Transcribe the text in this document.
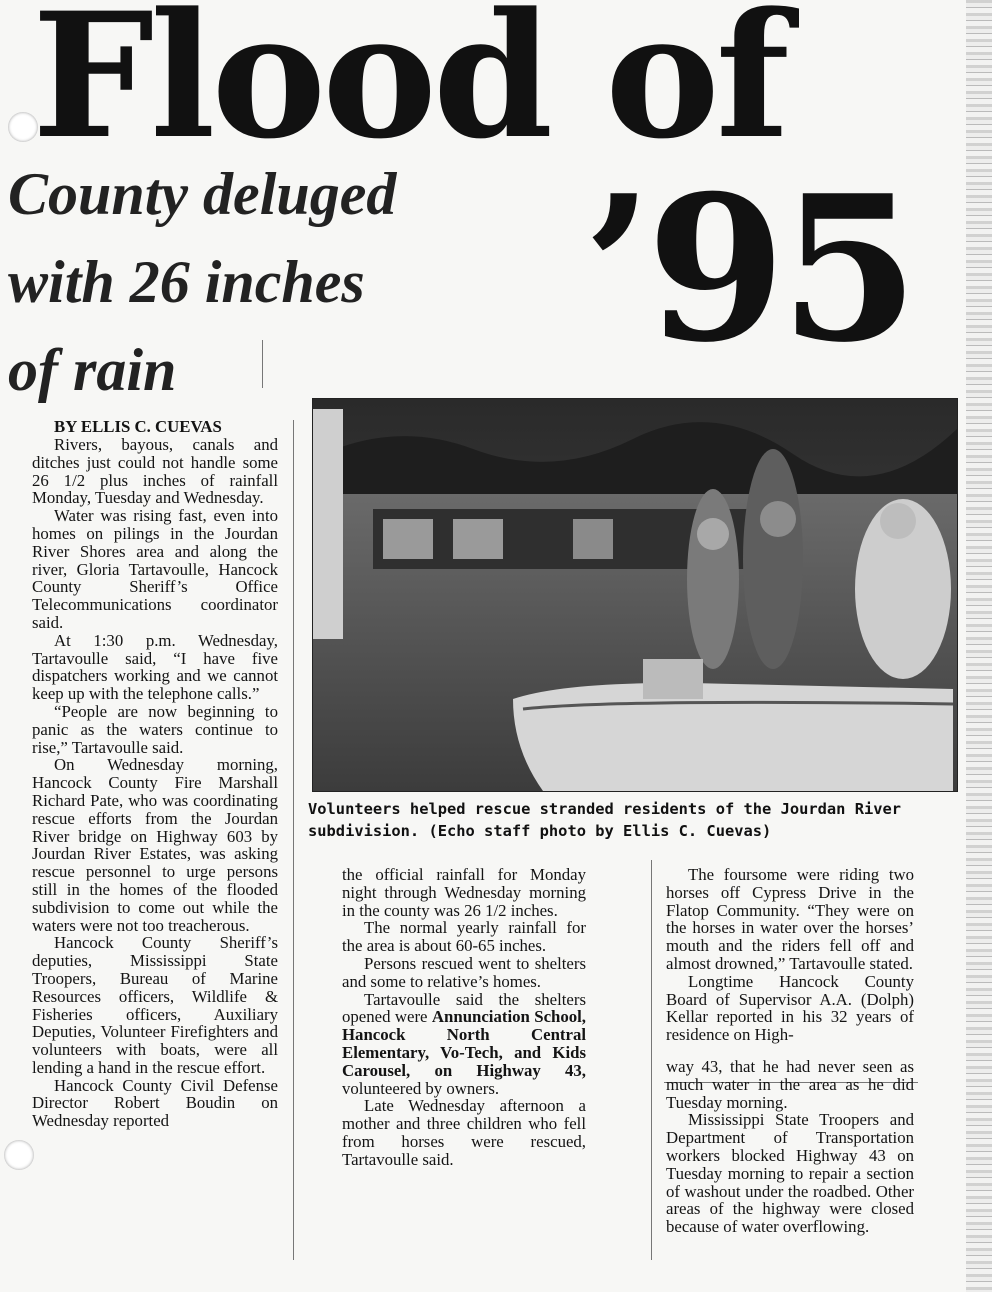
Flood of
’95
County deluged
with 26 inches
of rain

Volunteers helped rescue stranded residents of the Jourdan River subdivision. (Echo staff photo by Ellis C. Cuevas)

BY ELLIS C. CUEVAS

Rivers, bayous, canals and ditches just could not handle some 26 1/2 plus inches of rainfall Monday, Tuesday and Wednesday.

Water was rising fast, even into homes on pilings in the Jourdan River Shores area and along the river, Gloria Tartavoulle, Hancock County Sheriff’s Office Telecommunications coordinator said.

At 1:30 p.m. Wednesday, Tartavoulle said, “I have five dispatchers working and we cannot keep up with the telephone calls.”

“People are now beginning to panic as the waters continue to rise,” Tartavoulle said.

On Wednesday morning, Hancock County Fire Marshall Richard Pate, who was coordinating rescue efforts from the Jourdan River bridge on Highway 603 by Jourdan River Estates, was asking rescue personnel to urge persons still in the homes of the flooded subdivision to come out while the waters were not too treacherous.

Hancock County Sheriff’s deputies, Mississippi State Troopers, Bureau of Marine Resources officers, Wildlife & Fisheries officers, Auxiliary Deputies, Volunteer Firefighters and volunteers with boats, were all lending a hand in the rescue effort.

Hancock County Civil Defense Director Robert Boudin on Wednesday reported

the official rainfall for Monday night through Wednesday morning in the county was 26 1/2 inches.

The normal yearly rainfall for the area is about 60-65 inches.

Persons rescued went to shelters and some to relative’s homes.

Tartavoulle said the shelters opened were Annunciation School, Hancock North Central Elementary, Vo-Tech, and Kids Carousel, on Highway 43, volunteered by owners.

Late Wednesday afternoon a mother and three children who fell from horses were rescued, Tartavoulle said.

The foursome were riding two horses off Cypress Drive in the Flatop Community. “They were on the horses in water over the horses’ mouth and the riders fell off and almost drowned,” Tartavoulle stated.

Longtime Hancock County Board of Supervisor A.A. (Dolph) Kellar reported in his 32 years of residence on High-

way 43, that he had never seen as much water in the area as he did Tuesday morning.

Mississippi State Troopers and Department of Transportation workers blocked Highway 43 on Tuesday morning to repair a section of washout under the roadbed. Other areas of the highway were closed because of water overflowing.
